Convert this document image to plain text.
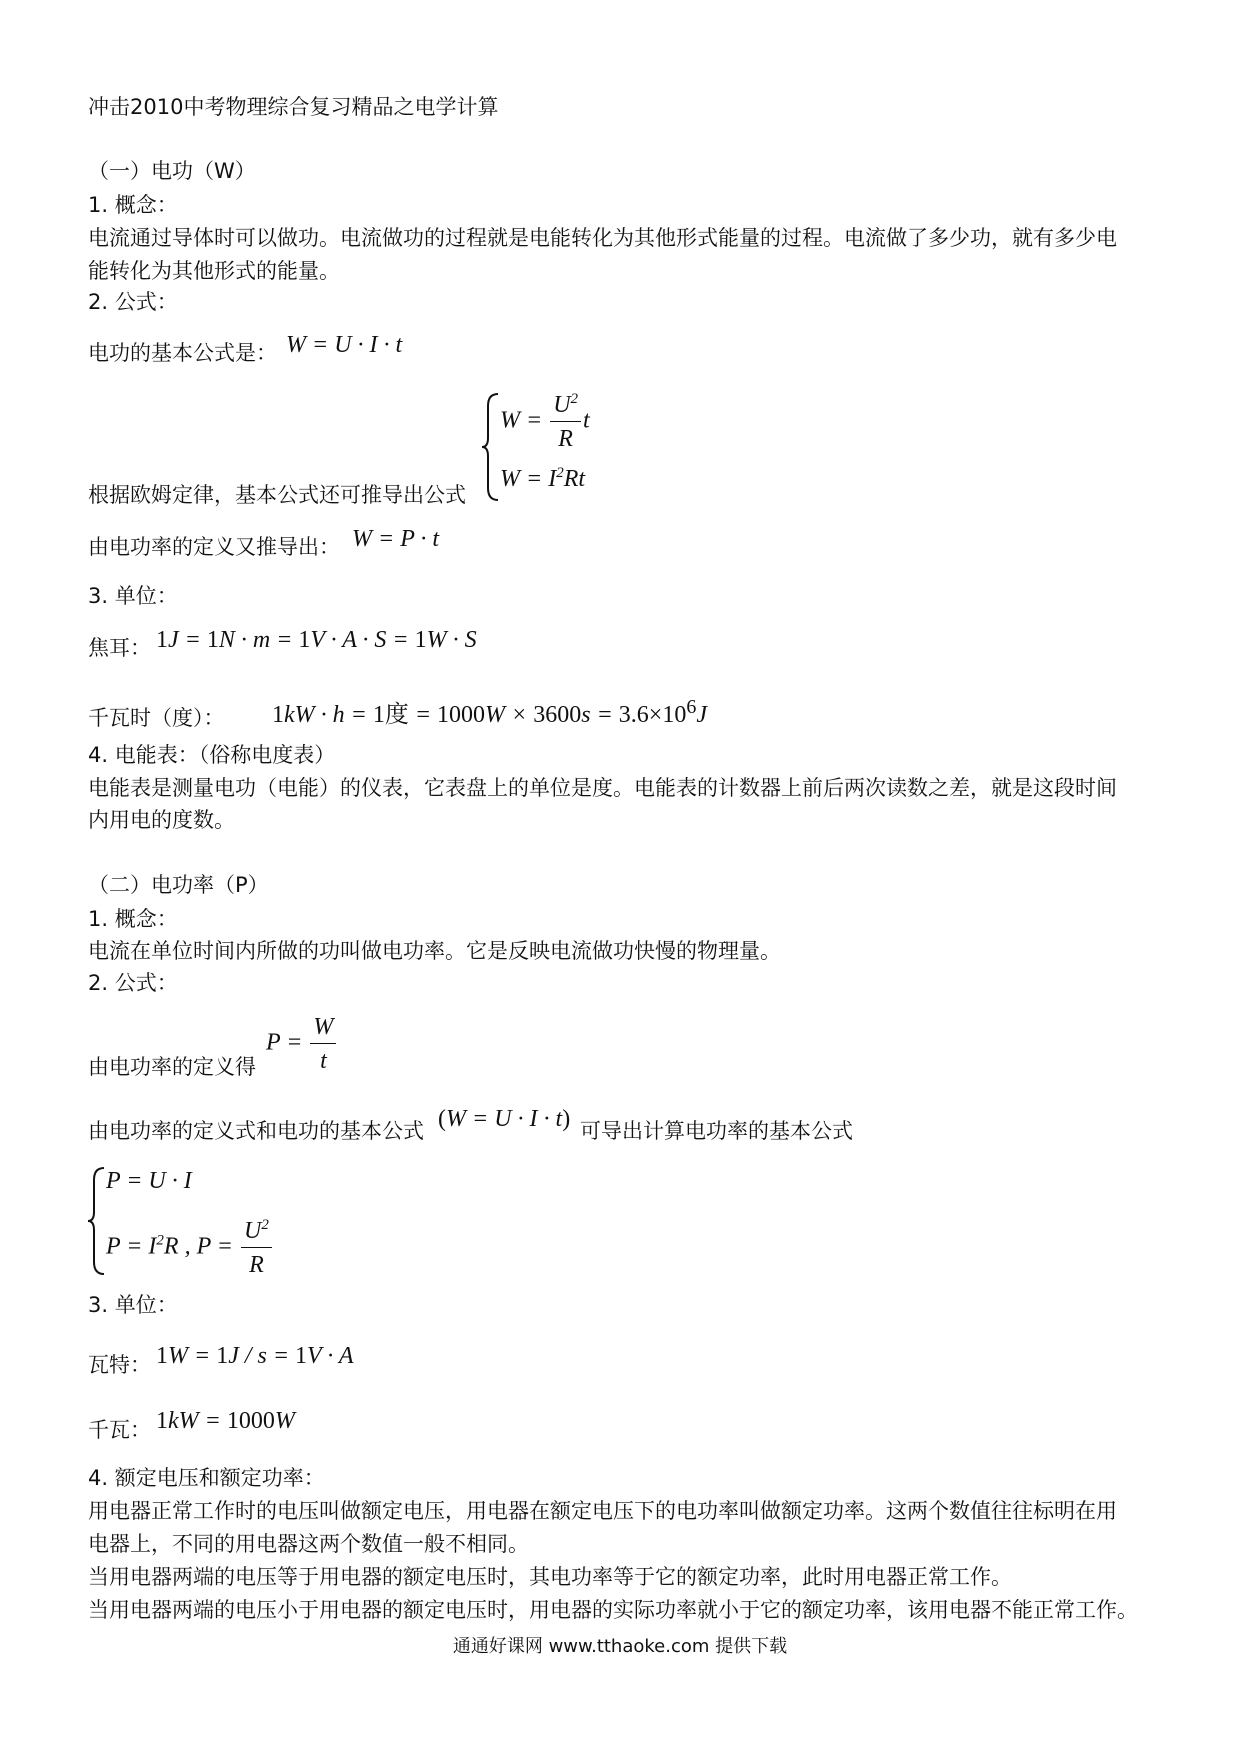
冲击2010中考物理综合复习精品之电学计算
（一）电功（W）
1. 概念：
电流通过导体时可以做功。电流做功的过程就是电能转化为其他形式能量的过程。电流做了多少功，就有多少电
能转化为其他形式的能量。
2. 公式：
电功的基本公式是： W = U · I · t
$W = \frac{U^2}{R}$ t
$W = I^2Rt$
根据欧姆定律，基本公式还可推导出公式
由电功率的定义又推导出： W = P · t
3. 单位：
焦耳： 1J = 1N · m = 1V · A · S = 1W · S
千瓦时（度）： 1kW · h = 1度 = $1000W \times 3600s = 3.6\times 10^6J$
4. 电能表：（俗称电度表）
电能表是测量电功（电能）的仪表，它表盘上的单位是度。电能表的计数器上前后两次读数之差，就是这段时间
内用电的度数。
（二）电功率（P）
1. 概念：
电流在单位时间内所做的功叫做电功率。它是反映电流做功快慢的物理量。
2. 公式：
$P = \frac{W}{t}$
由电功率的定义得
由电功率的定义式和电功的基本公式 (W = U · I · t) 可导出计算电功率的基本公式
P = U · I
$P = I^2R$ , $P = \frac{U^2}{R}$
3. 单位：
瓦特： 1W = 1J / s = 1V · A
千瓦： 1kW = 1000W
4. 额定电压和额定功率：
用电器正常工作时的电压叫做额定电压，用电器在额定电压下的电功率叫做额定功率。这两个数值往往标明在用
电器上，不同的用电器这两个数值一般不相同。
当用电器两端的电压等于用电器的额定电压时，其电功率等于它的额定功率，此时用电器正常工作。
当用电器两端的电压小于用电器的额定电压时，用电器的实际功率就小于它的额定功率，该用电器不能正常工作。
通通好课网 www.tthaoke.com 提供下载
